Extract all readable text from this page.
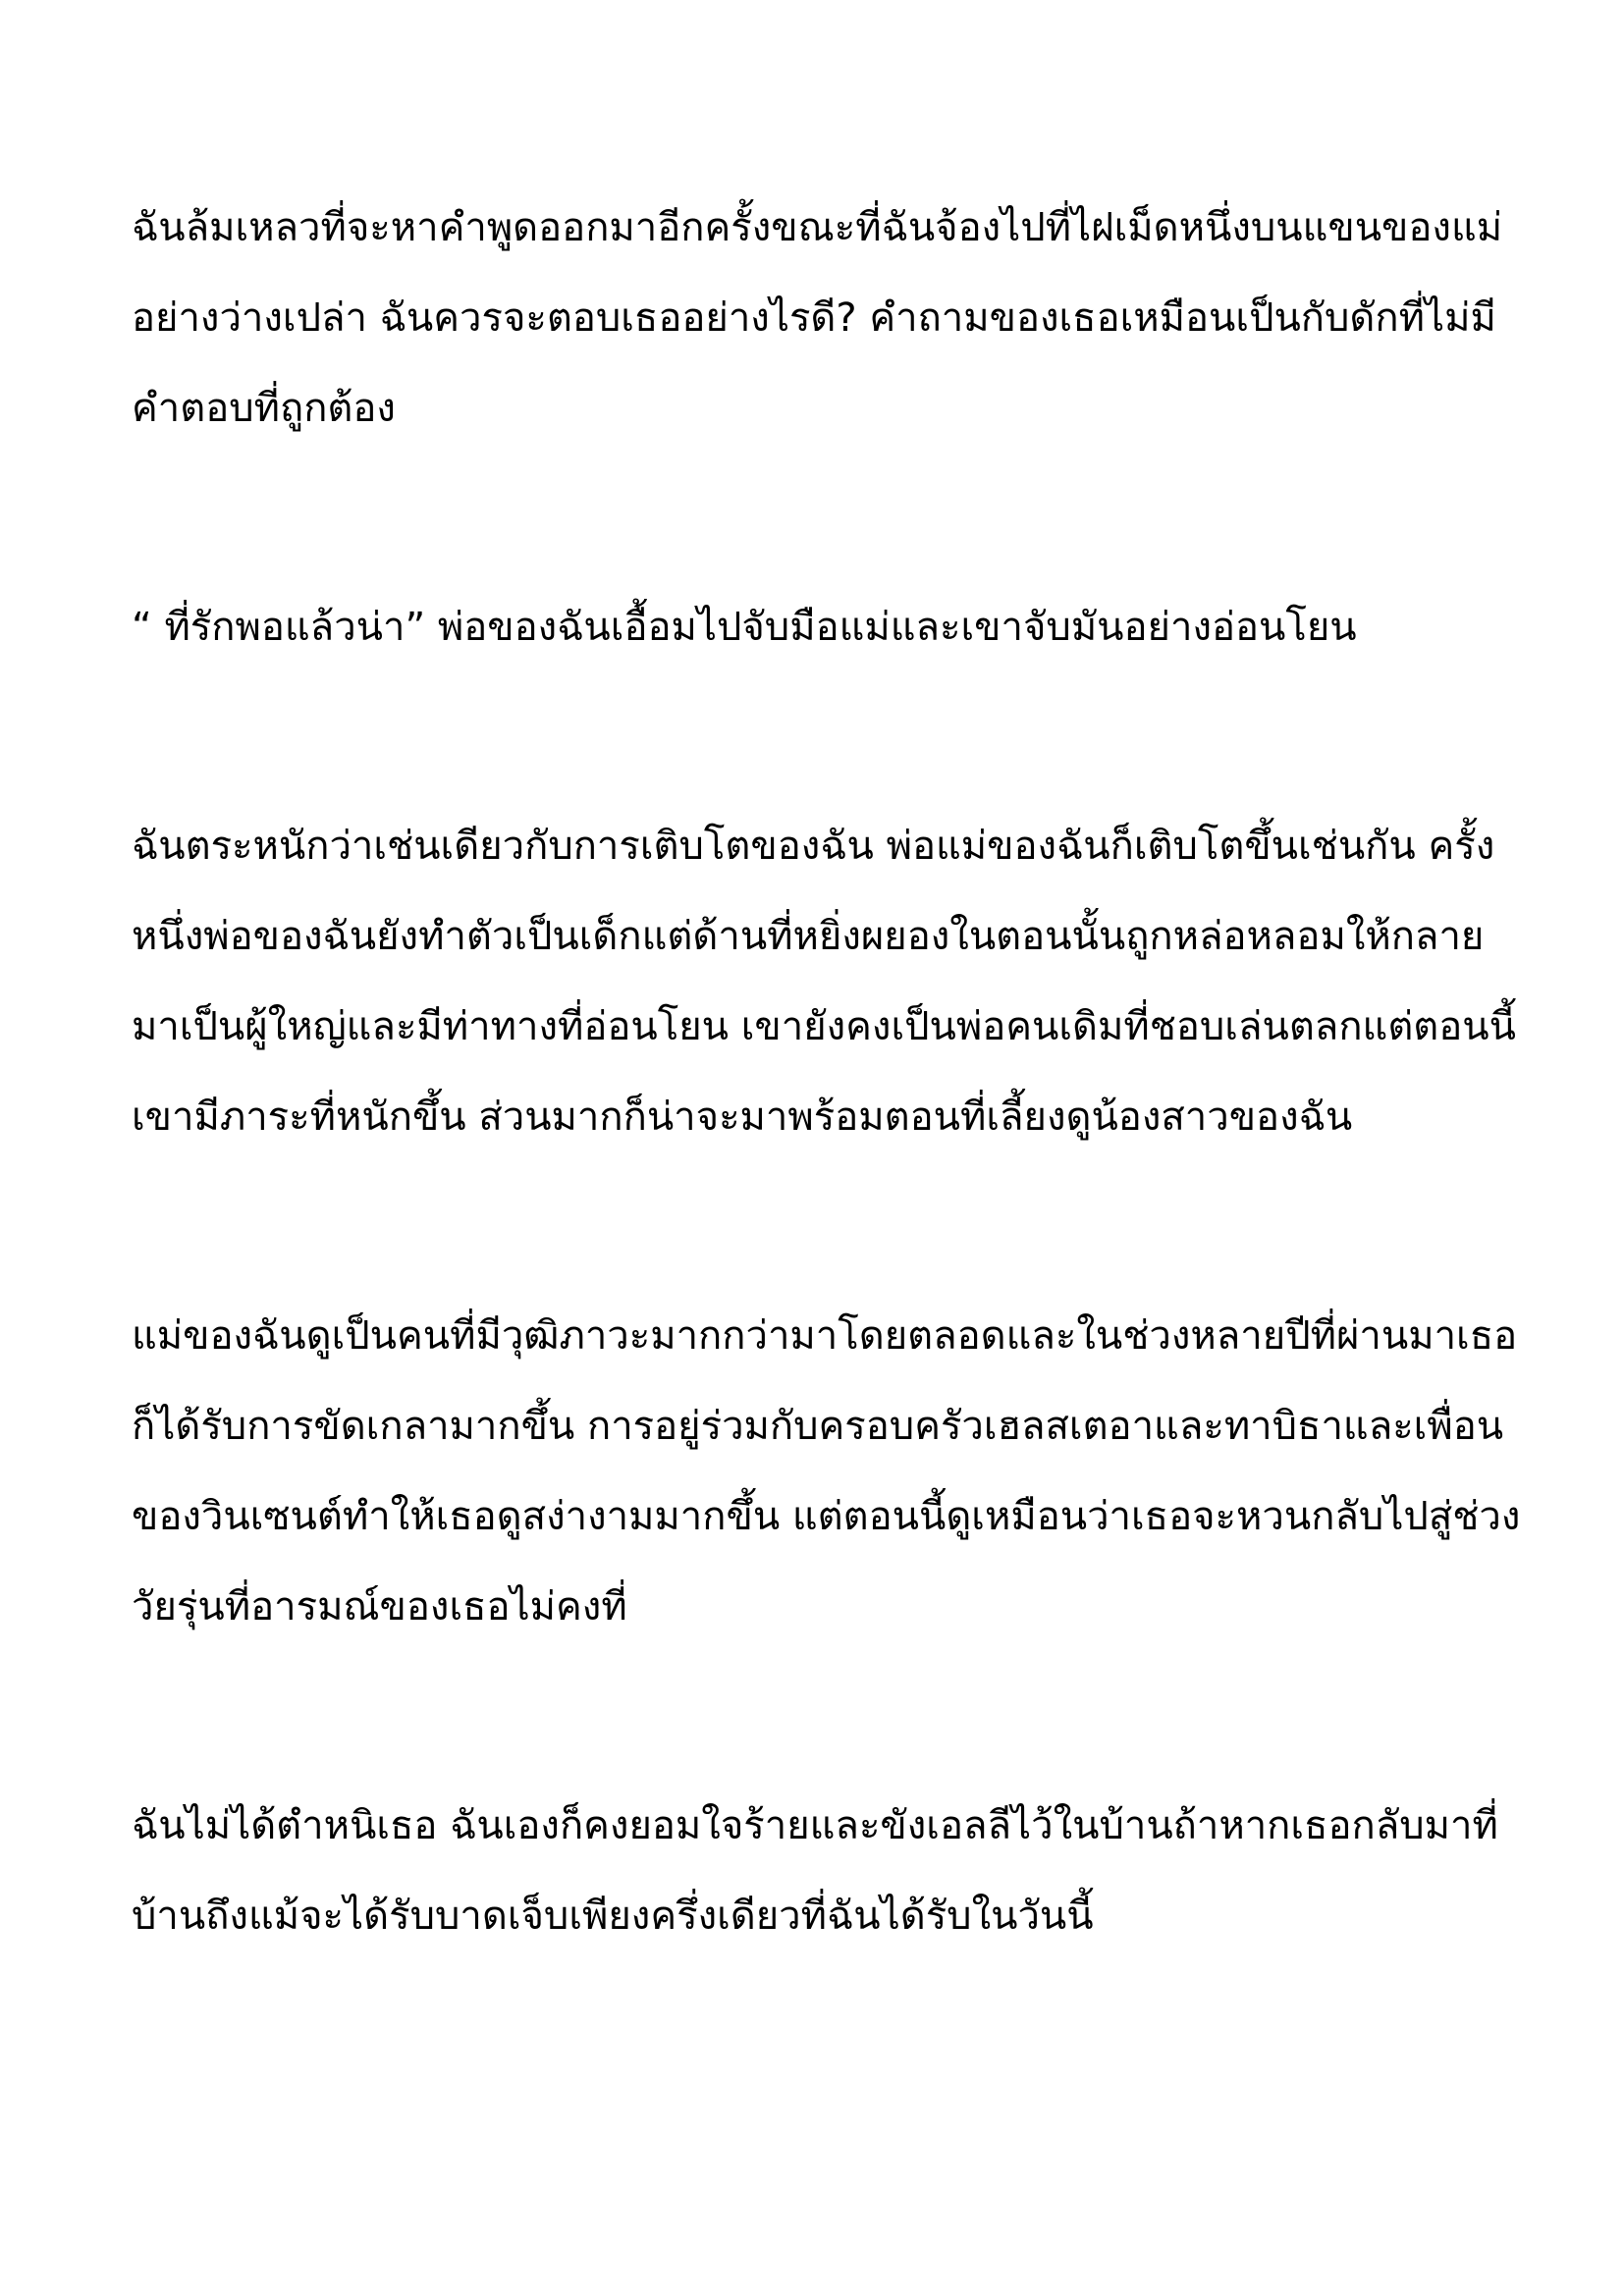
ฉันล้มเหลวที่จะหาคำพูดออกมาอีกครั้งขณะที่ฉันจ้องไปที่ไฝเม็ดหนึ่งบนแขนของแม่
อย่างว่างเปล่า ฉันควรจะตอบเธออย่างไรดี? คำถามของเธอเหมือนเป็นกับดักที่ไม่มี
คำตอบที่ถูกต้อง
“ ที่รักพอแล้วน่า” พ่อของฉันเอื้อมไปจับมือแม่และเขาจับมันอย่างอ่อนโยน
ฉันตระหนักว่าเช่นเดียวกับการเติบโตของฉัน พ่อแม่ของฉันก็เติบโตขึ้นเช่นกัน ครั้ง
หนึ่งพ่อของฉันยังทำตัวเป็นเด็กแต่ด้านที่หยิ่งผยองในตอนนั้นถูกหล่อหลอมให้กลาย
มาเป็นผู้ใหญ่และมีท่าทางที่อ่อนโยน เขายังคงเป็นพ่อคนเดิมที่ชอบเล่นตลกแต่ตอนนี้
เขามีภาระที่หนักขึ้น ส่วนมากก็น่าจะมาพร้อมตอนที่เลี้ยงดูน้องสาวของฉัน
แม่ของฉันดูเป็นคนที่มีวุฒิภาวะมากกว่ามาโดยตลอดและในช่วงหลายปีที่ผ่านมาเธอ
ก็ได้รับการขัดเกลามากขึ้น การอยู่ร่วมกับครอบครัวเฮลสเตอาและทาบิธาและเพื่อน
ของวินเซนต์ทำให้เธอดูสง่างามมากขึ้น แต่ตอนนี้ดูเหมือนว่าเธอจะหวนกลับไปสู่ช่วง
วัยรุ่นที่อารมณ์ของเธอไม่คงที่
ฉันไม่ได้ตำหนิเธอ ฉันเองก็คงยอมใจร้ายและขังเอลลีไว้ในบ้านถ้าหากเธอกลับมาที่
บ้านถึงแม้จะได้รับบาดเจ็บเพียงครึ่งเดียวที่ฉันได้รับในวันนี้
